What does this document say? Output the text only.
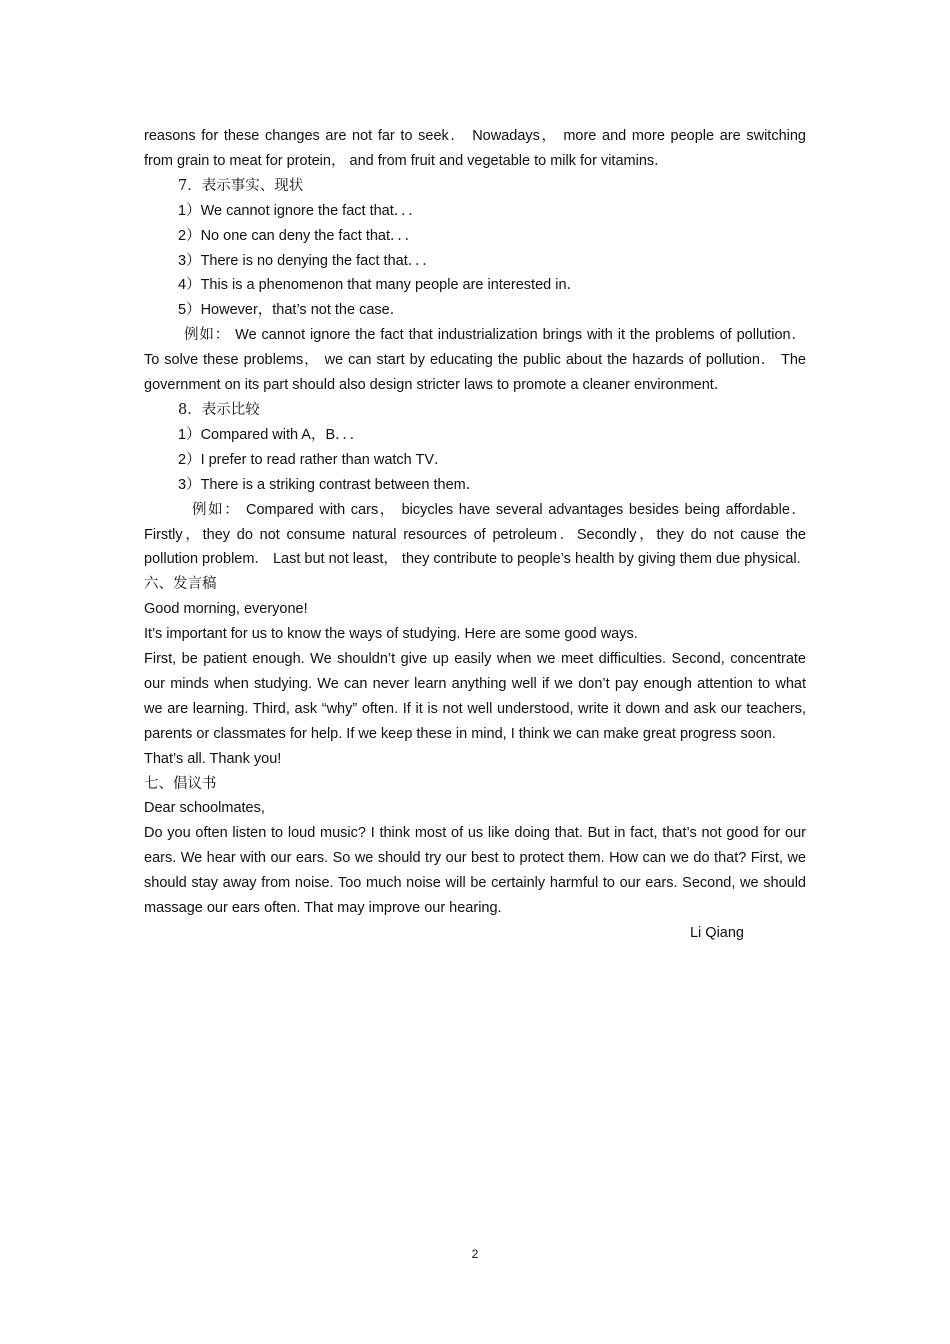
reasons for these changes are not far to seek． Nowadays， more and more people are switching from grain to meat for protein， and from fruit and vegetable to milk for vitamins．

7．表示事实、现状

1）We cannot ignore the fact that．．．

2）No one can deny the fact that．．．

3）There is no denying the fact that．．．

4）This is a phenomenon that many people are interested in．

5）However，that’s not the case．

例如： We cannot ignore the fact that industrialization brings with it the problems of pollution． To solve these problems， we can start by educating the public about the hazards of pollution． The government on its part should also design stricter laws to promote a cleaner environment．

8．表示比较

1）Compared with A，B．．．

2）I prefer to read rather than watch TV．

3）There is a striking contrast between them．

例如： Compared with cars， bicycles have several advantages besides being affordable．Firstly，they do not consume natural resources of petroleum．Secondly，they do not cause the pollution problem． Last but not least， they contribute to people’s health by giving them due physical.

六、发言稿

Good morning, everyone!

It’s important for us to know the ways of studying. Here are some good ways.

First, be patient enough. We shouldn’t give up easily when we meet difficulties. Second, concentrate our minds when studying. We can never learn anything well if we don’t pay enough attention to what we are learning. Third, ask “why” often. If it is not well understood, write it down and ask our teachers, parents or classmates for help. If we keep these in mind, I think we can make great progress soon.

That’s all. Thank you!

七、倡议书

Dear schoolmates,

Do you often listen to loud music? I think most of us like doing that. But in fact, that’s not good for our ears. We hear with our ears. So we should try our best to protect them. How can we do that? First, we should stay away from noise. Too much noise will be certainly harmful to our ears. Second, we should massage our ears often. That may improve our hearing.

Li Qiang

2
